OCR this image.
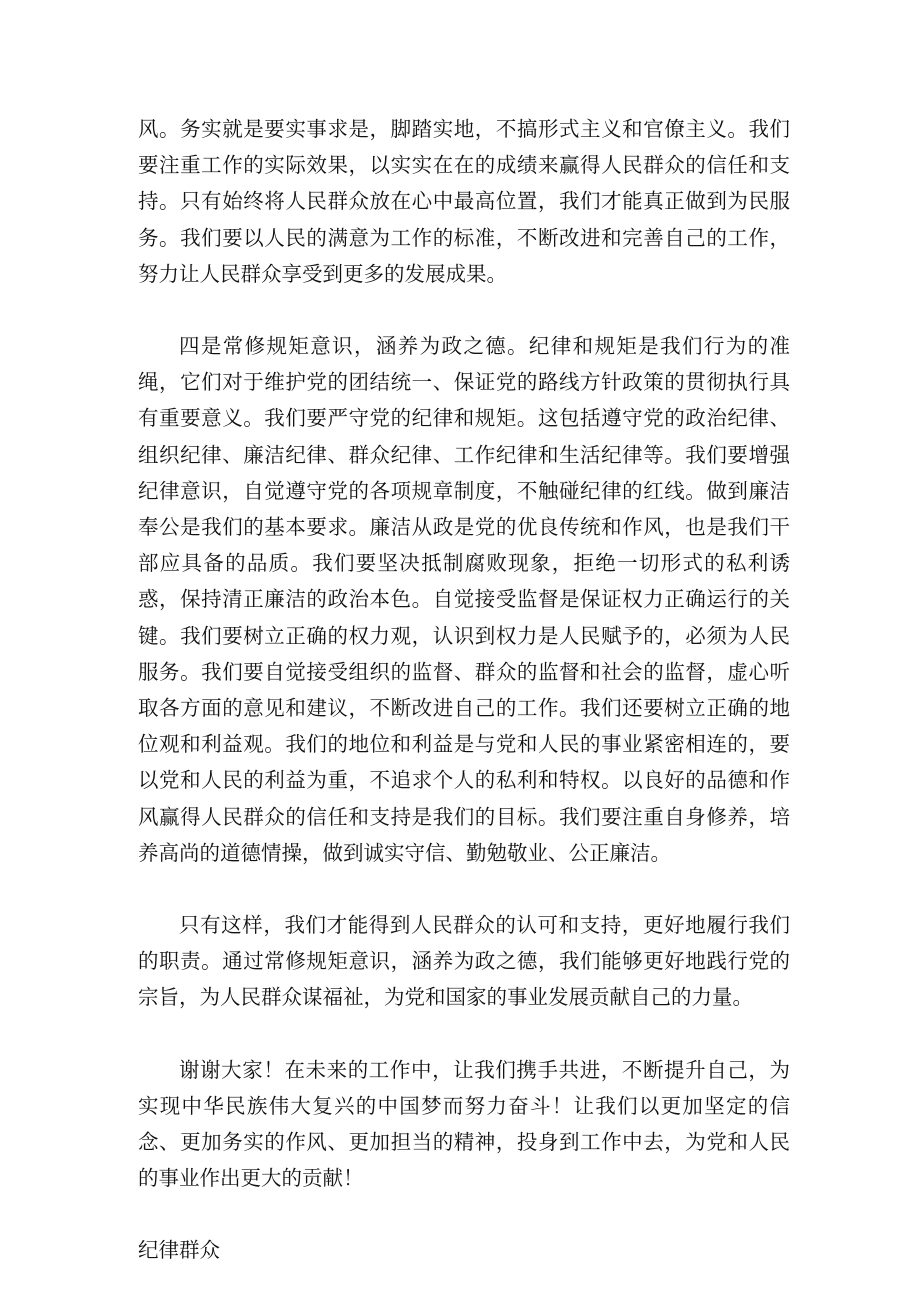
风。务实就是要实事求是，脚踏实地，不搞形式主义和官僚主义。我们要注重工作的实际效果，以实实在在的成绩来赢得人民群众的信任和支持。只有始终将人民群众放在心中最高位置，我们才能真正做到为民服务。我们要以人民的满意为工作的标准，不断改进和完善自己的工作，努力让人民群众享受到更多的发展成果。

四是常修规矩意识，涵养为政之德。纪律和规矩是我们行为的准绳，它们对于维护党的团结统一、保证党的路线方针政策的贯彻执行具有重要意义。我们要严守党的纪律和规矩。这包括遵守党的政治纪律、组织纪律、廉洁纪律、群众纪律、工作纪律和生活纪律等。我们要增强纪律意识，自觉遵守党的各项规章制度，不触碰纪律的红线。做到廉洁奉公是我们的基本要求。廉洁从政是党的优良传统和作风，也是我们干部应具备的品质。我们要坚决抵制腐败现象，拒绝一切形式的私利诱惑，保持清正廉洁的政治本色。自觉接受监督是保证权力正确运行的关键。我们要树立正确的权力观，认识到权力是人民赋予的，必须为人民服务。我们要自觉接受组织的监督、群众的监督和社会的监督，虚心听取各方面的意见和建议，不断改进自己的工作。我们还要树立正确的地位观和利益观。我们的地位和利益是与党和人民的事业紧密相连的，要以党和人民的利益为重，不追求个人的私利和特权。以良好的品德和作风赢得人民群众的信任和支持是我们的目标。我们要注重自身修养，培养高尚的道德情操，做到诚实守信、勤勉敬业、公正廉洁。

只有这样，我们才能得到人民群众的认可和支持，更好地履行我们的职责。通过常修规矩意识，涵养为政之德，我们能够更好地践行党的宗旨，为人民群众谋福祉，为党和国家的事业发展贡献自己的力量。

谢谢大家！在未来的工作中，让我们携手共进，不断提升自己，为实现中华民族伟大复兴的中国梦而努力奋斗！让我们以更加坚定的信念、更加务实的作风、更加担当的精神，投身到工作中去，为党和人民的事业作出更大的贡献！

纪律群众
